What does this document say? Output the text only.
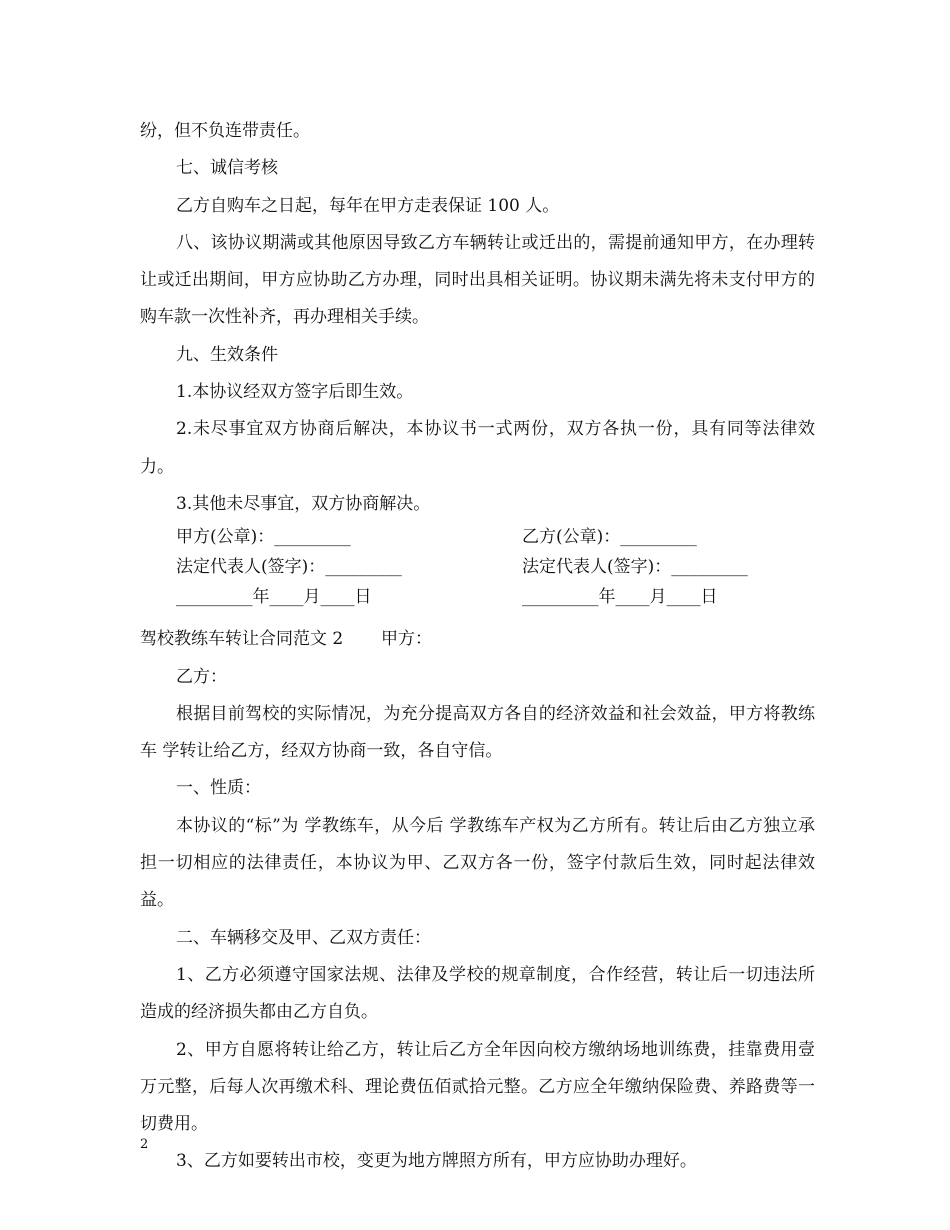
纷，但不负连带责任。

七、诚信考核

乙方自购车之日起，每年在甲方走表保证 100 人。

八、该协议期满或其他原因导致乙方车辆转让或迁出的，需提前通知甲方，在办理转让或迁出期间，甲方应协助乙方办理，同时出具相关证明。协议期未满先将未支付甲方的购车款一次性补齐，再办理相关手续。

九、生效条件

1.本协议经双方签字后即生效。

2.未尽事宜双方协商后解决，本协议书一式两份，双方各执一份，具有同等法律效力。

3.其他未尽事宜，双方协商解决。

甲方(公章)：_________	乙方(公章)：_________
法定代表人(签字)：_________	法定代表人(签字)：_________
_________年____月____日	_________年____月____日

驾校教练车转让合同范文 2       甲方：

乙方：

根据目前驾校的实际情况，为充分提高双方各自的经济效益和社会效益，甲方将教练车 学转让给乙方，经双方协商一致，各自守信。

一、性质：

本协议的“标”为 学教练车，从今后 学教练车产权为乙方所有。转让后由乙方独立承担一切相应的法律责任，本协议为甲、乙双方各一份，签字付款后生效，同时起法律效益。

二、车辆移交及甲、乙双方责任：

1、乙方必须遵守国家法规、法律及学校的规章制度，合作经营，转让后一切违法所造成的经济损失都由乙方自负。

2、甲方自愿将转让给乙方，转让后乙方全年因向校方缴纳场地训练费，挂靠费用壹万元整，后每人次再缴术科、理论费伍佰贰拾元整。乙方应全年缴纳保险费、养路费等一切费用。

3、乙方如要转出市校，变更为地方牌照方所有，甲方应协助办理好。

2
